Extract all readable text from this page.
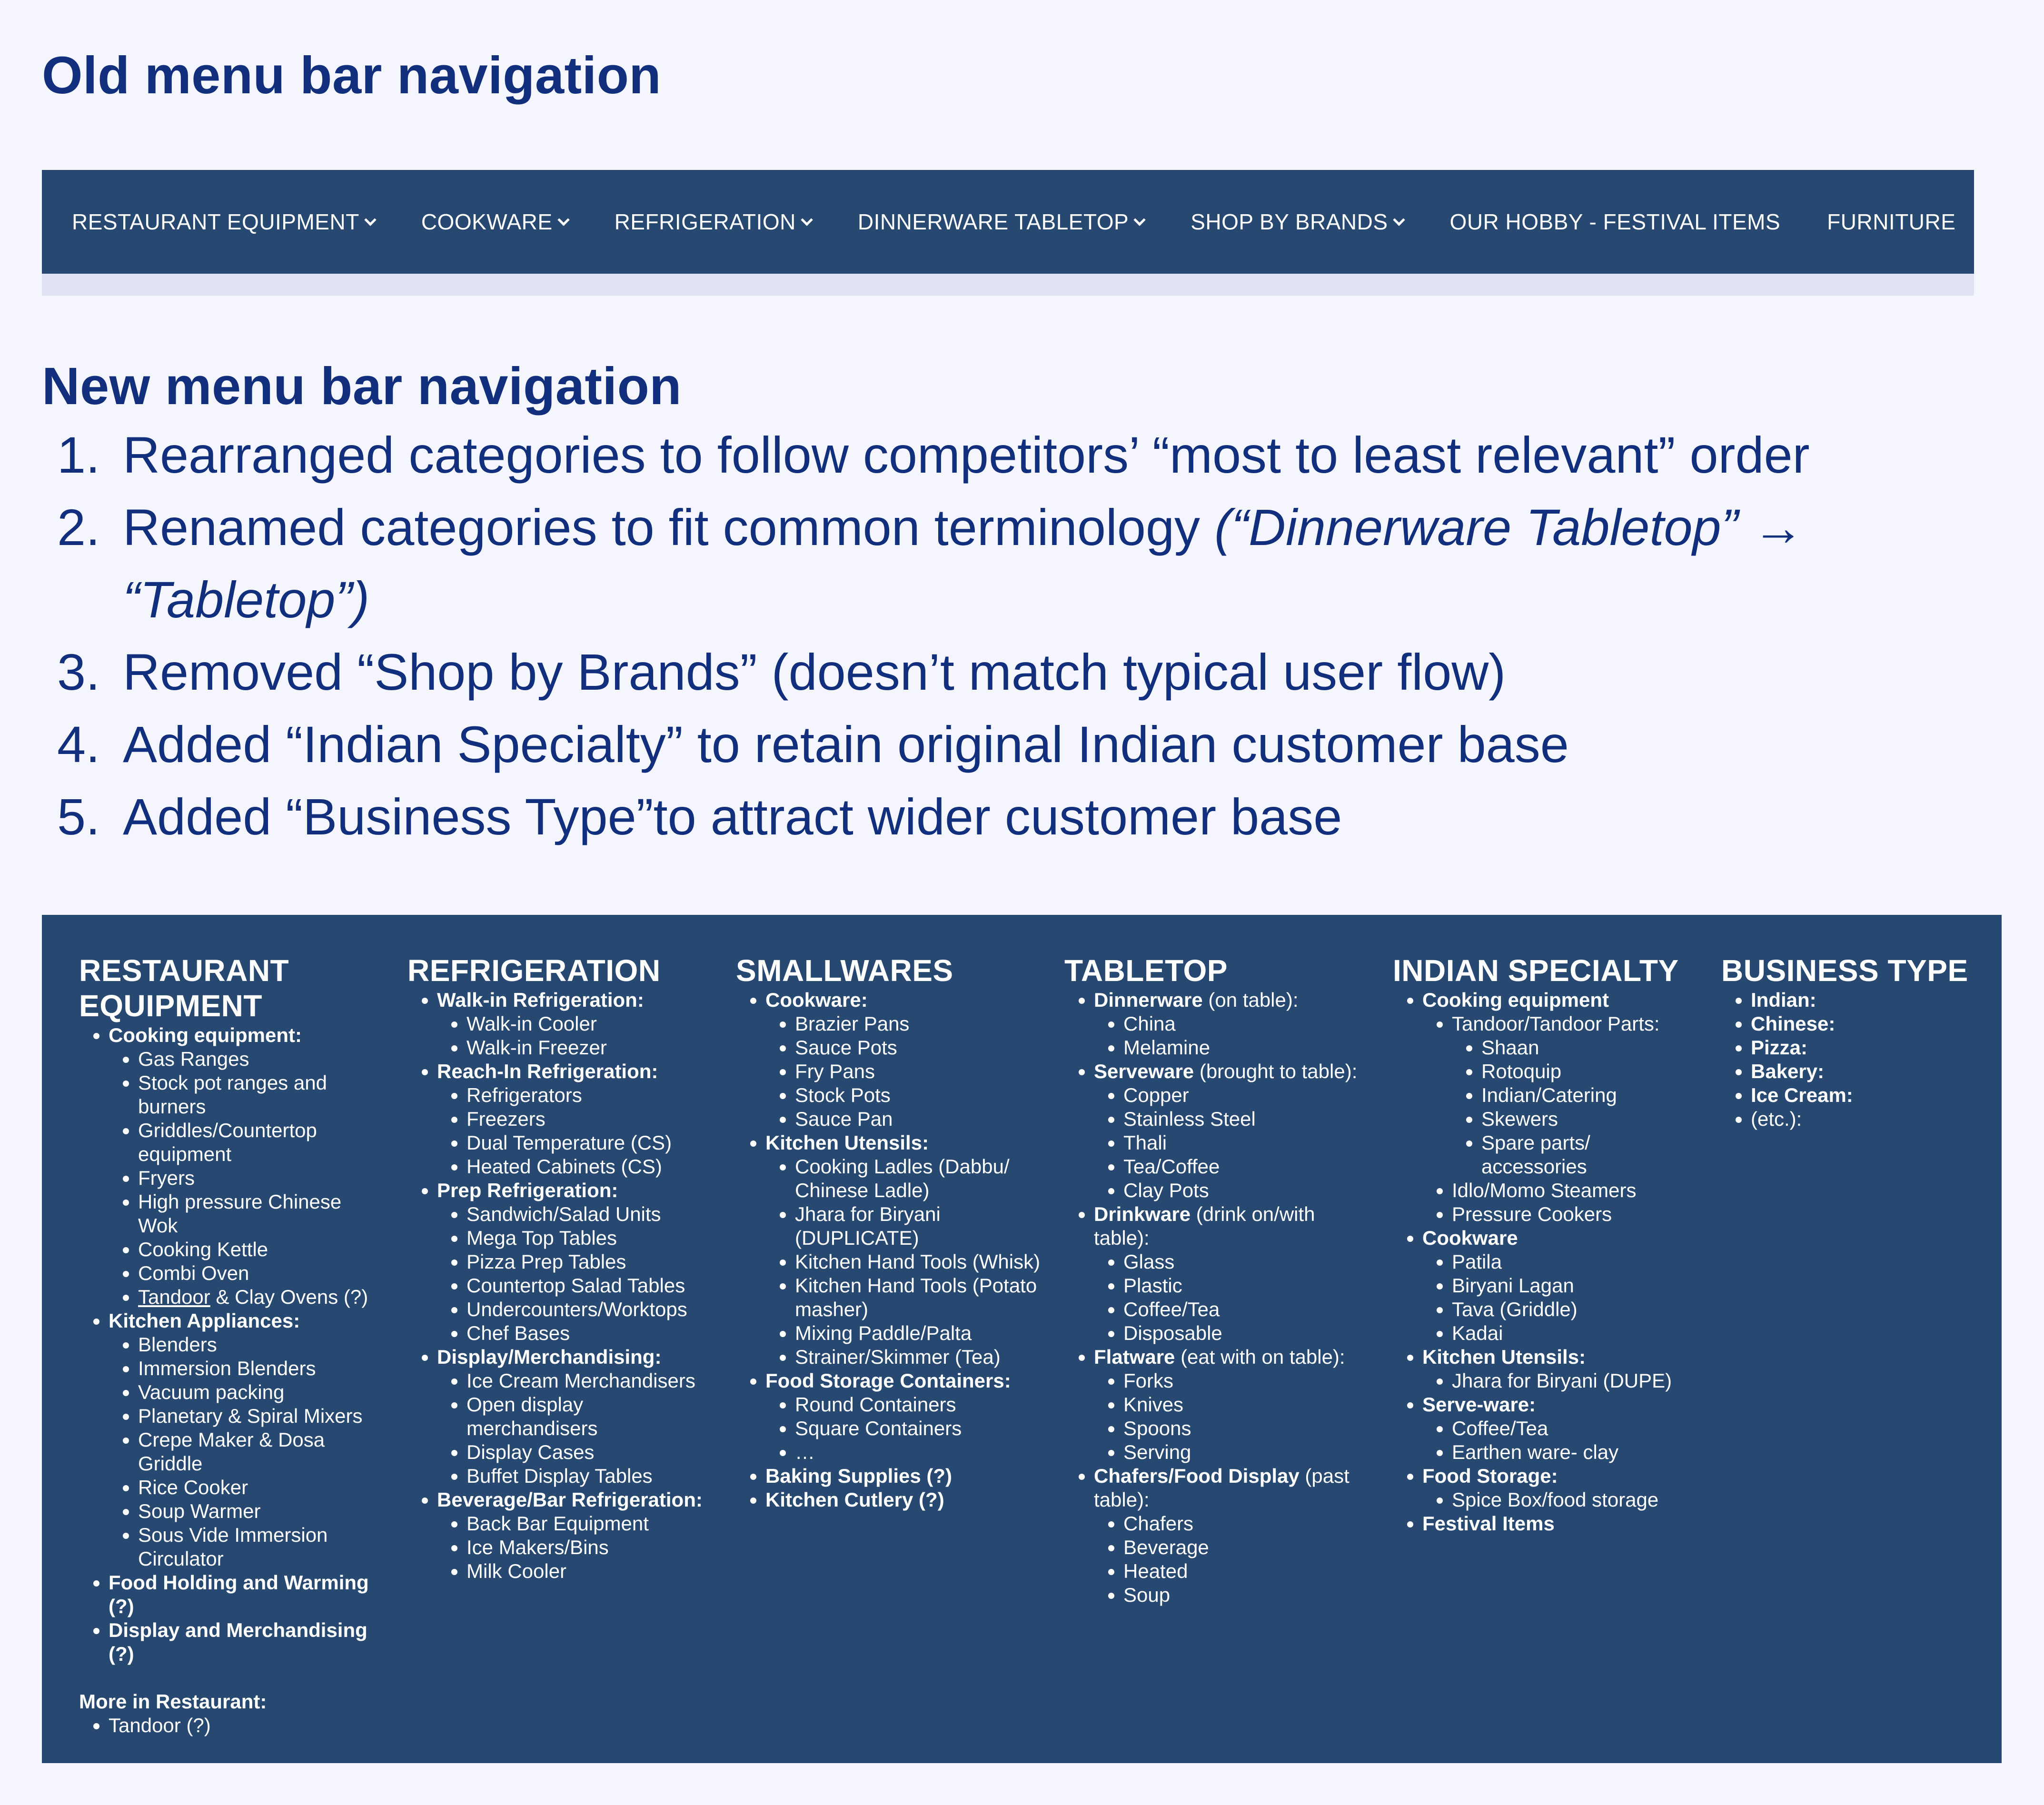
Old menu bar navigation
RESTAURANT EQUIPMENT	COOKWARE	REFRIGERATION	DINNERWARE TABLETOP	SHOP BY BRANDS	OUR HOBBY - FESTIVAL ITEMS FURNITURE
New menu bar navigation
1. Rearranged categories to follow competitors’ “most to least relevant” order
2. Renamed categories to fit common terminology (“Dinnerware Tabletop” → “Tabletop”)
3. Removed “Shop by Brands” (doesn’t match typical user flow)
4. Added “Indian Specialty” to retain original Indian customer base
5. Added “Business Type”to attract wider customer base
RESTAURANT EQUIPMENT
• Cooking equipment:
• Gas Ranges
• Stock pot ranges and burners
• Griddles/Countertop equipment
• Fryers
• High pressure Chinese Wok
• Cooking Kettle
• Combi Oven
• Tandoor & Clay Ovens (?)
• Kitchen Appliances:
• Blenders
• Immersion Blenders
• Vacuum packing
• Planetary & Spiral Mixers
• Crepe Maker & Dosa Griddle
• Rice Cooker
• Soup Warmer
• Sous Vide Immersion Circulator
• Food Holding and Warming (?)
• Display and Merchandising (?)
More in Restaurant:
• Tandoor (?)
REFRIGERATION
• Walk-in Refrigeration:
• Walk-in Cooler
• Walk-in Freezer
• Reach-In Refrigeration:
• Refrigerators
• Freezers
• Dual Temperature (CS)
• Heated Cabinets (CS)
• Prep Refrigeration:
• Sandwich/Salad Units
• Mega Top Tables
• Pizza Prep Tables
• Countertop Salad Tables
• Undercounters/Worktops
• Chef Bases
• Display/Merchandising:
• Ice Cream Merchandisers
• Open display merchandisers
• Display Cases
• Buffet Display Tables
• Beverage/Bar Refrigeration:
• Back Bar Equipment
• Ice Makers/Bins
• Milk Cooler
SMALLWARES
• Cookware:
• Brazier Pans
• Sauce Pots
• Fry Pans
• Stock Pots
• Sauce Pan
• Kitchen Utensils:
• Cooking Ladles (Dabbu/ Chinese Ladle)
• Jhara for Biryani (DUPLICATE)
• Kitchen Hand Tools (Whisk)
• Kitchen Hand Tools (Potato masher)
• Mixing Paddle/Palta
• Strainer/Skimmer (Tea)
• Food Storage Containers:
• Round Containers
• Square Containers
• …
• Baking Supplies (?)
• Kitchen Cutlery (?)
TABLETOP
• Dinnerware (on table):
• China
• Melamine
• Serveware (brought to table):
• Copper
• Stainless Steel
• Thali
• Tea/Coffee
• Clay Pots
• Drinkware (drink on/with table):
• Glass
• Plastic
• Coffee/Tea
• Disposable
• Flatware (eat with on table):
• Forks
• Knives
• Spoons
• Serving
• Chafers/Food Display (past table):
• Chafers
• Beverage
• Heated
• Soup
INDIAN SPECIALTY
• Cooking equipment
• Tandoor/Tandoor Parts:
• Shaan
• Rotoquip
• Indian/Catering
• Skewers
• Spare parts/ accessories
• Idlo/Momo Steamers
• Pressure Cookers
• Cookware
• Patila
• Biryani Lagan
• Tava (Griddle)
• Kadai
• Kitchen Utensils:
• Jhara for Biryani (DUPE)
• Serve-ware:
• Coffee/Tea
• Earthen ware- clay
• Food Storage:
• Spice Box/food storage
• Festival Items
BUSINESS TYPE
• Indian:
• Chinese:
• Pizza:
• Bakery:
• Ice Cream:
• (etc.):
